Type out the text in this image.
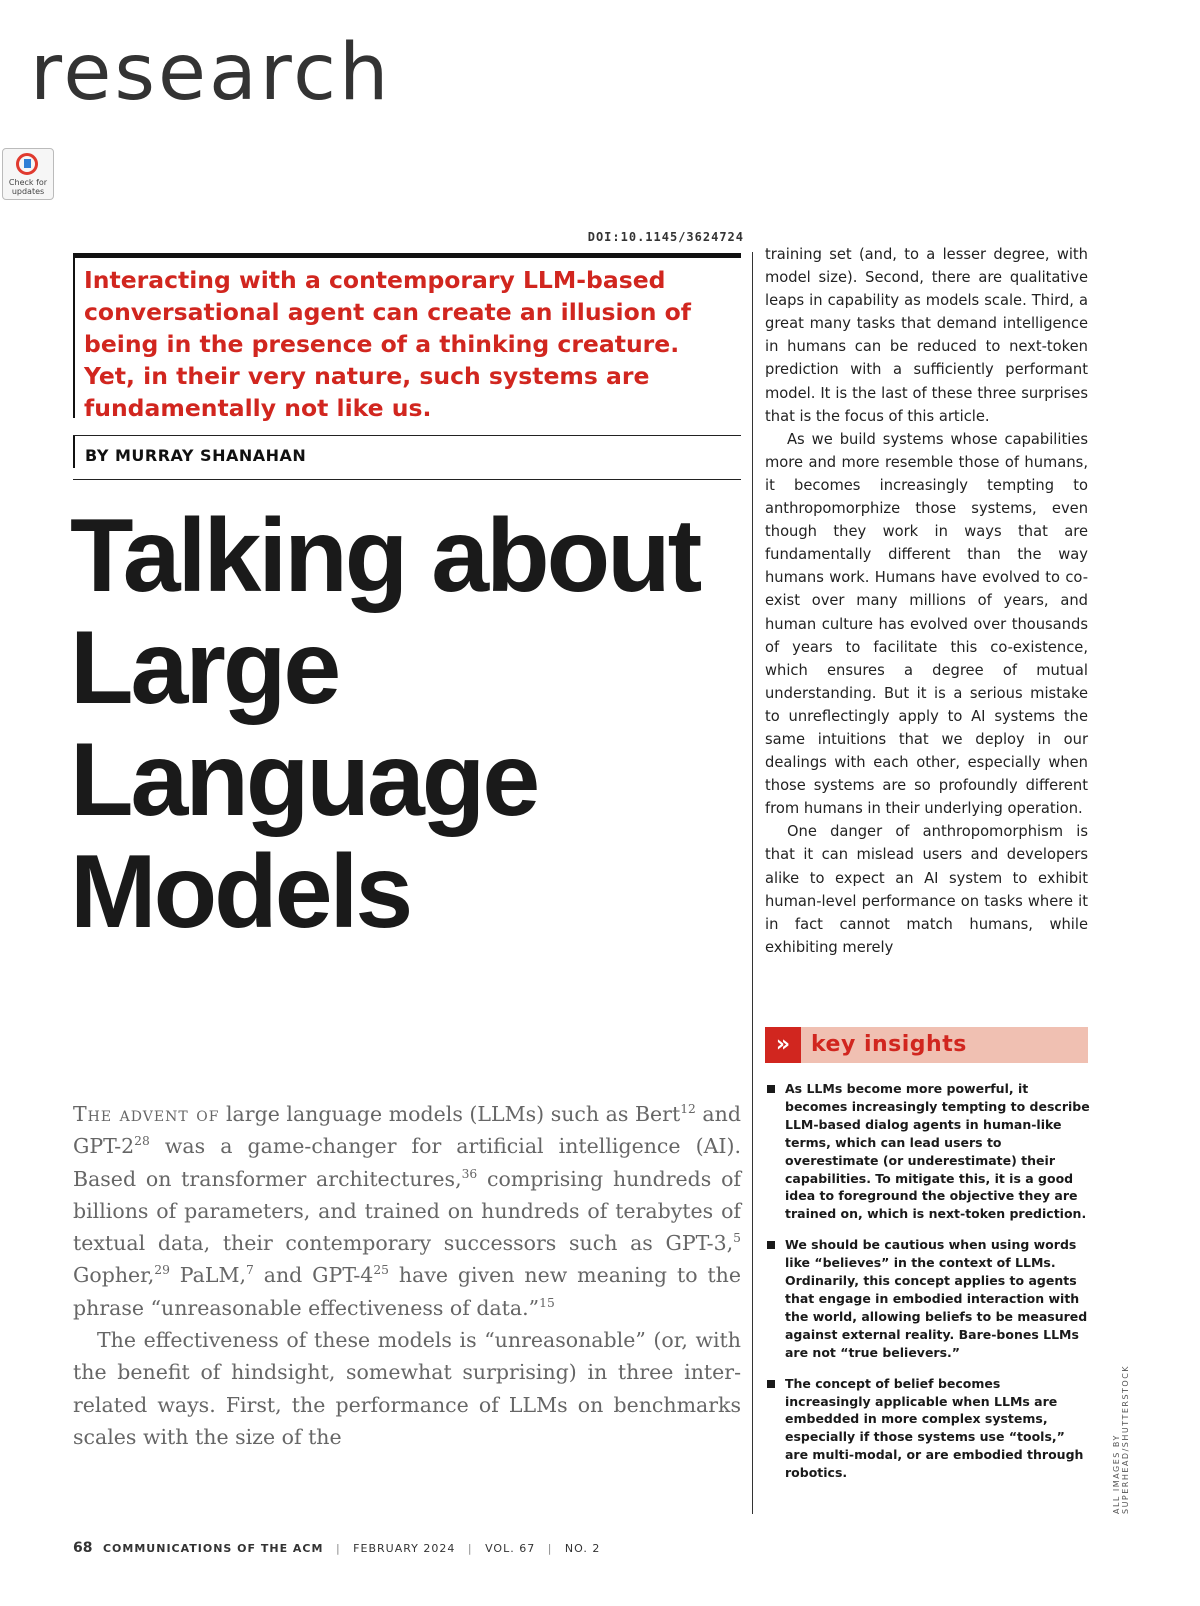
research
Check for updates
DOI:10.1145/3624724

Interacting with a contemporary LLM-based conversational agent can create an illusion of being in the presence of a thinking creature. Yet, in their very nature, such systems are fundamentally not like us.

BY MURRAY SHANAHAN
Talking about Large Language Models

The advent of large language models (LLMs) such as Bert$^{12}$ and GPT-$2^{28}$ was a game-changer for artificial intelligence (AI). Based on transformer architectures,$^{36}$ comprising hundreds of billions of parameters, and trained on hundreds of terabytes of textual data, their contemporary successors such as GPT-3,$^5$ Gopher,$^{29}$ PaLM,$^7$ and GPT-$4^{25}$ have given new meaning to the phrase “unreasonable effectiveness of data.”$^{15}$

The effectiveness of these models is “unreasonable” (or, with the benefit of hindsight, somewhat surprising) in three inter-related ways. First, the performance of LLMs on benchmarks scales with the size of the

training set (and, to a lesser degree, with model size). Second, there are qualitative leaps in capability as models scale. Third, a great many tasks that demand intelligence in humans can be reduced to next-token prediction with a sufficiently performant model. It is the last of these three surprises that is the focus of this article.

As we build systems whose capabilities more and more resemble those of humans, it becomes increasingly tempting to anthropomorphize those systems, even though they work in ways that are fundamentally different than the way humans work. Humans have evolved to co-exist over many millions of years, and human culture has evolved over thousands of years to facilitate this co-existence, which ensures a degree of mutual understanding. But it is a serious mistake to unreflectingly apply to AI systems the same intuitions that we deploy in our dealings with each other, especially when those systems are so profoundly different from humans in their underlying operation.

One danger of anthropomorphism is that it can mislead users and developers alike to expect an AI system to exhibit human-level performance on tasks where it in fact cannot match humans, while exhibiting merely

» key insights
As LLMs become more powerful, it becomes increasingly tempting to describe LLM-based dialog agents in human-like terms, which can lead users to overestimate (or underestimate) their capabilities. To mitigate this, it is a good idea to foreground the objective they are trained on, which is next-token prediction.
We should be cautious when using words like “believes” in the context of LLMs. Ordinarily, this concept applies to agents that engage in embodied interaction with the world, allowing beliefs to be measured against external reality. Bare-bones LLMs are not “true believers.”
The concept of belief becomes increasingly applicable when LLMs are embedded in more complex systems, especially if those systems use “tools,” are multi-modal, or are embodied through robotics.	ALL IMAGES BY SUPERHEAD/SHUTTERSTOCK
68 COMMUNICATIONS OF THE ACM | FEBRUARY 2024 | VOL. 67 | NO. 2
